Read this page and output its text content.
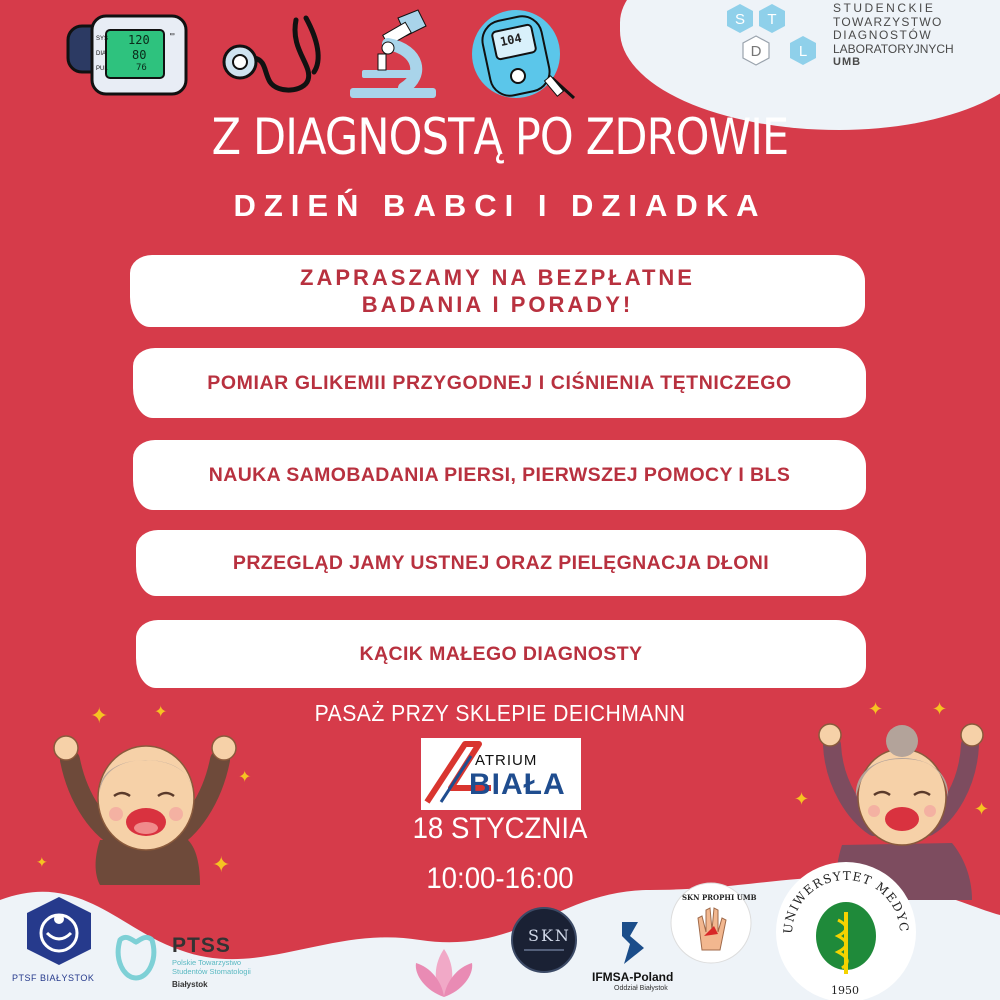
▭
SYS
DIA
PUL
120
80
76
104
S T
D L
STUDENCKIE
TOWARZYSTWO
DIAGNOSTÓW
LABORATORYJNYCH
UMB
Z DIAGNOSTĄ PO ZDROWIE
DZIEŃ BABCI I DZIADKA
ZAPRASZAMY NA BEZPŁATNE
BADANIA I PORADY!
POMIAR GLIKEMII PRZYGODNEJ I CIŚNIENIA TĘTNICZEGO
NAUKA SAMOBADANIA PIERSI, PIERWSZEJ POMOCY I BLS
PRZEGLĄD JAMY USTNEJ ORAZ PIELĘGNACJA DŁONI
KĄCIK MAŁEGO DIAGNOSTY
PASAŻ PRZY SKLEPIE DEICHMANN
ATRIUM
BIAŁA
18 STYCZNIA
10:00-16:00
✦	✦
✦
✦
✦
✦	✦
✦	✦
PTSF BIAŁYSTOK
PTSS
Polskie Towarzystwo
Studentów Stomatologii
Białystok
SKN
IFMSA-Poland
Oddział Białystok
SKN PROPHI UMB
UNIWERSYTET MEDYC
1950
